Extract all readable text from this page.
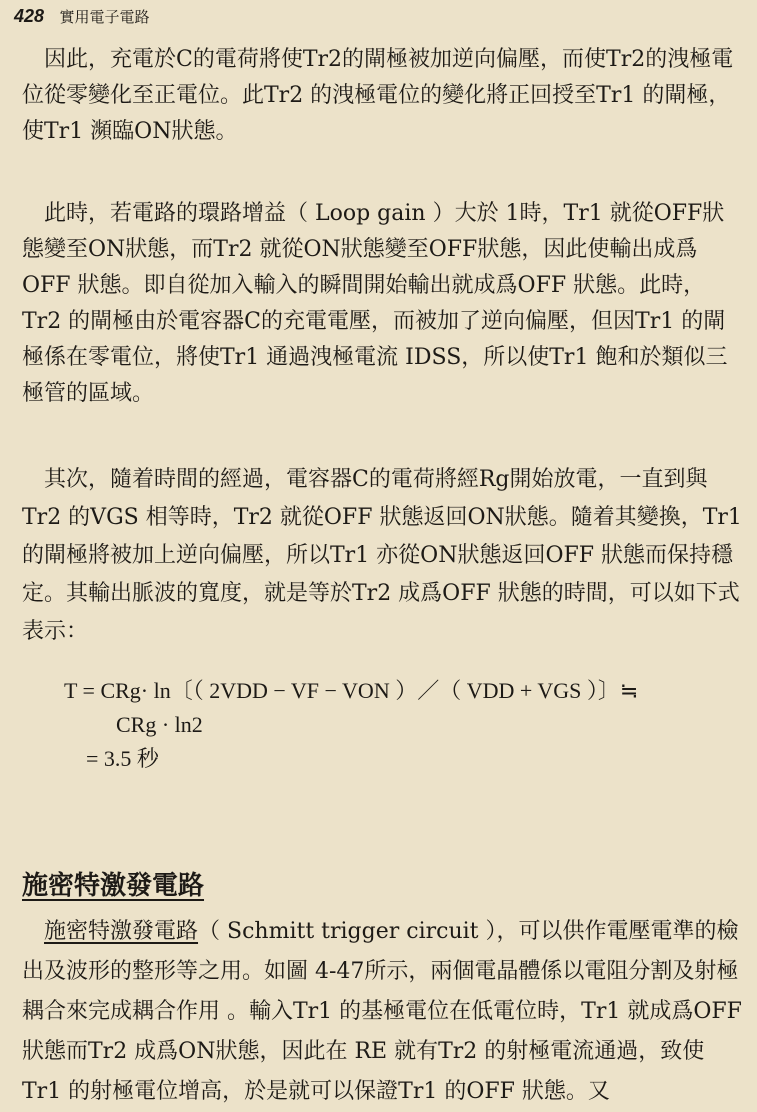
428 實用電子電路

　因此，充電於C的電荷將使Tr2的閘極被加逆向偏壓，而使Tr2的洩極電位從零變化至正電位。此Tr2 的洩極電位的變化將正回授至Tr1 的閘極，使Tr1 瀕臨ON狀態。

　此時，若電路的環路增益（ Loop gain ）大於 1時，Tr1 就從OFF狀態變至ON狀態，而Tr2 就從ON狀態變至OFF狀態，因此使輸出成爲OFF 狀態。即自從加入輸入的瞬間開始輸出就成爲OFF 狀態。此時，Tr2 的閘極由於電容器C的充電電壓，而被加了逆向偏壓，但因Tr1 的閘極係在零電位，將使Tr1 通過洩極電流 IDSS，所以使Tr1 飽和於類似三極管的區域。

　其次，隨着時間的經過，電容器C的電荷將經Rg開始放電，一直到與Tr2 的VGS 相等時，Tr2 就從OFF 狀態返回ON狀態。隨着其變換，Tr1的閘極將被加上逆向偏壓，所以Tr1 亦從ON狀態返回OFF 狀態而保持穩定。其輸出脈波的寬度，就是等於Tr2 成爲OFF 狀態的時間，可以如下式表示：

T = CRg· ln〔（ 2VDD − VF − VON ）／（ VDD + VGS ）〕≒
CRg · ln2
= 3.5 秒
施密特激發電路

　施密特激發電路（ Schmitt trigger circuit ），可以供作電壓電準的檢出及波形的整形等之用。如圖 4-47所示，兩個電晶體係以電阻分割及射極耦合來完成耦合作用 。輸入Tr1 的基極電位在低電位時，Tr1 就成爲OFF 狀態而Tr2 成爲ON狀態，因此在 RE 就有Tr2 的射極電流通過，致使Tr1 的射極電位增高，於是就可以保證Tr1 的OFF 狀態。又
